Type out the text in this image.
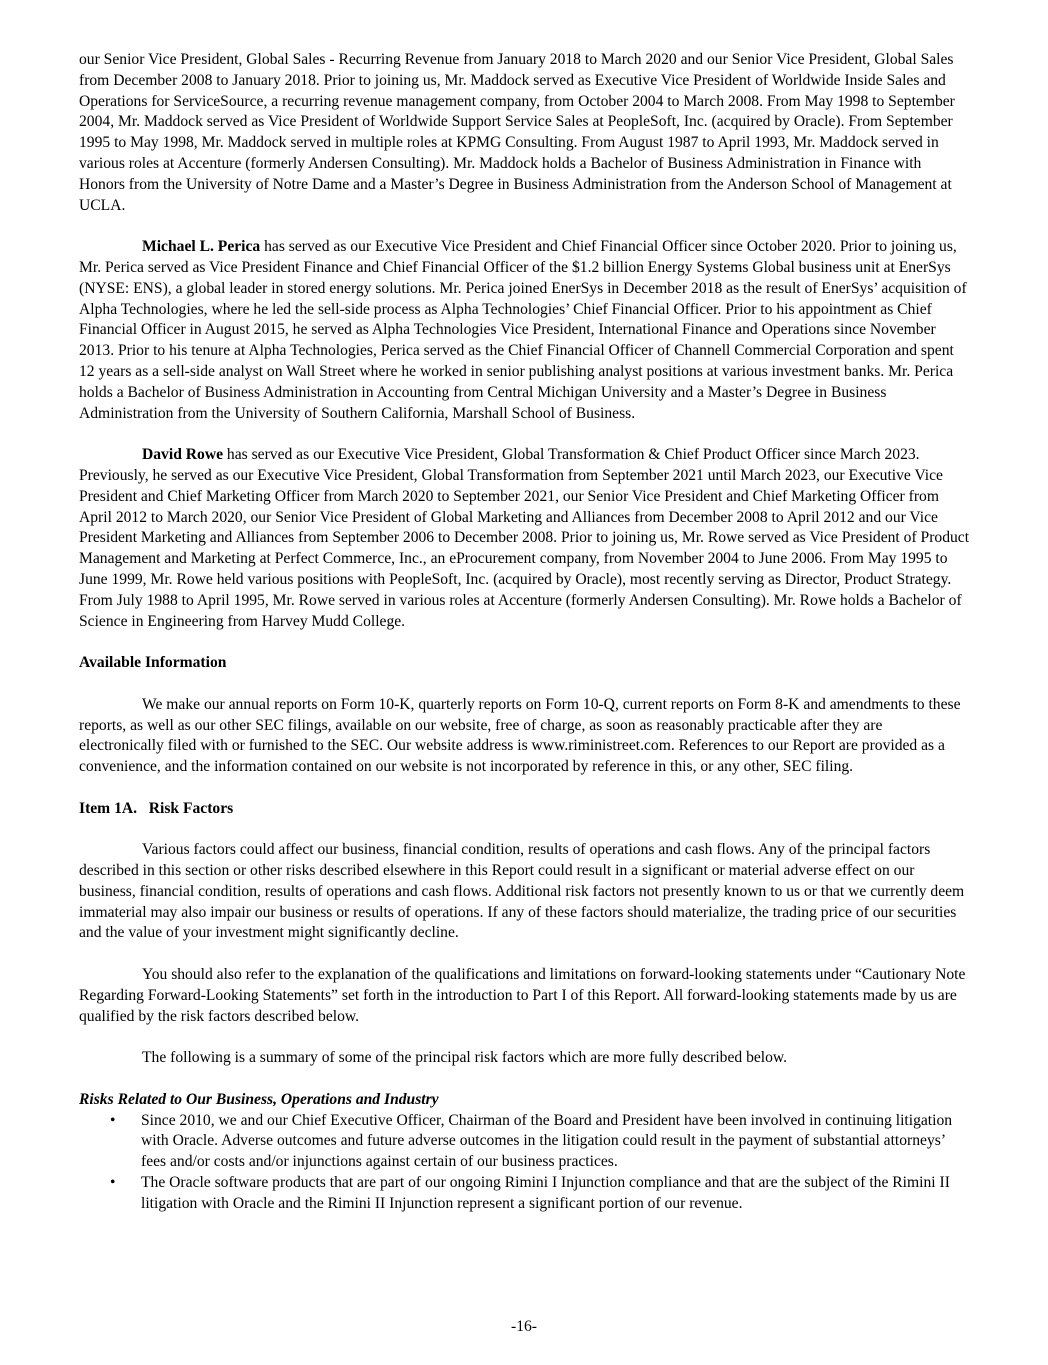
our Senior Vice President, Global Sales - Recurring Revenue from January 2018 to March 2020 and our Senior Vice President, Global Sales from December 2008 to January 2018. Prior to joining us, Mr. Maddock served as Executive Vice President of Worldwide Inside Sales and Operations for ServiceSource, a recurring revenue management company, from October 2004 to March 2008. From May 1998 to September 2004, Mr. Maddock served as Vice President of Worldwide Support Service Sales at PeopleSoft, Inc. (acquired by Oracle). From September 1995 to May 1998, Mr. Maddock served in multiple roles at KPMG Consulting. From August 1987 to April 1993, Mr. Maddock served in various roles at Accenture (formerly Andersen Consulting). Mr. Maddock holds a Bachelor of Business Administration in Finance with Honors from the University of Notre Dame and a Master’s Degree in Business Administration from the Anderson School of Management at UCLA.

Michael L. Perica has served as our Executive Vice President and Chief Financial Officer since October 2020. Prior to joining us, Mr. Perica served as Vice President Finance and Chief Financial Officer of the $1.2 billion Energy Systems Global business unit at EnerSys (NYSE: ENS), a global leader in stored energy solutions. Mr. Perica joined EnerSys in December 2018 as the result of EnerSys’ acquisition of Alpha Technologies, where he led the sell-side process as Alpha Technologies’ Chief Financial Officer. Prior to his appointment as Chief Financial Officer in August 2015, he served as Alpha Technologies Vice President, International Finance and Operations since November 2013. Prior to his tenure at Alpha Technologies, Perica served as the Chief Financial Officer of Channell Commercial Corporation and spent 12 years as a sell-side analyst on Wall Street where he worked in senior publishing analyst positions at various investment banks. Mr. Perica holds a Bachelor of Business Administration in Accounting from Central Michigan University and a Master’s Degree in Business Administration from the University of Southern California, Marshall School of Business.

David Rowe has served as our Executive Vice President, Global Transformation & Chief Product Officer since March 2023. Previously, he served as our Executive Vice President, Global Transformation from September 2021 until March 2023, our Executive Vice President and Chief Marketing Officer from March 2020 to September 2021, our Senior Vice President and Chief Marketing Officer from April 2012 to March 2020, our Senior Vice President of Global Marketing and Alliances from December 2008 to April 2012 and our Vice President Marketing and Alliances from September 2006 to December 2008. Prior to joining us, Mr. Rowe served as Vice President of Product Management and Marketing at Perfect Commerce, Inc., an eProcurement company, from November 2004 to June 2006. From May 1995 to June 1999, Mr. Rowe held various positions with PeopleSoft, Inc. (acquired by Oracle), most recently serving as Director, Product Strategy. From July 1988 to April 1995, Mr. Rowe served in various roles at Accenture (formerly Andersen Consulting). Mr. Rowe holds a Bachelor of Science in Engineering from Harvey Mudd College.

Available Information

We make our annual reports on Form 10-K, quarterly reports on Form 10-Q, current reports on Form 8-K and amendments to these reports, as well as our other SEC filings, available on our website, free of charge, as soon as reasonably practicable after they are electronically filed with or furnished to the SEC. Our website address is www.riministreet.com. References to our Report are provided as a convenience, and the information contained on our website is not incorporated by reference in this, or any other, SEC filing.

Item 1A.   Risk Factors

Various factors could affect our business, financial condition, results of operations and cash flows. Any of the principal factors described in this section or other risks described elsewhere in this Report could result in a significant or material adverse effect on our business, financial condition, results of operations and cash flows. Additional risk factors not presently known to us or that we currently deem immaterial may also impair our business or results of operations. If any of these factors should materialize, the trading price of our securities and the value of your investment might significantly decline.

You should also refer to the explanation of the qualifications and limitations on forward-looking statements under “Cautionary Note Regarding Forward-Looking Statements” set forth in the introduction to Part I of this Report. All forward-looking statements made by us are qualified by the risk factors described below.

The following is a summary of some of the principal risk factors which are more fully described below.

Risks Related to Our Business, Operations and Industry
• Since 2010, we and our Chief Executive Officer, Chairman of the Board and President have been involved in continuing litigation with Oracle. Adverse outcomes and future adverse outcomes in the litigation could result in the payment of substantial attorneys’ fees and/or costs and/or injunctions against certain of our business practices.
• The Oracle software products that are part of our ongoing Rimini I Injunction compliance and that are the subject of the Rimini II litigation with Oracle and the Rimini II Injunction represent a significant portion of our revenue.
-16-
